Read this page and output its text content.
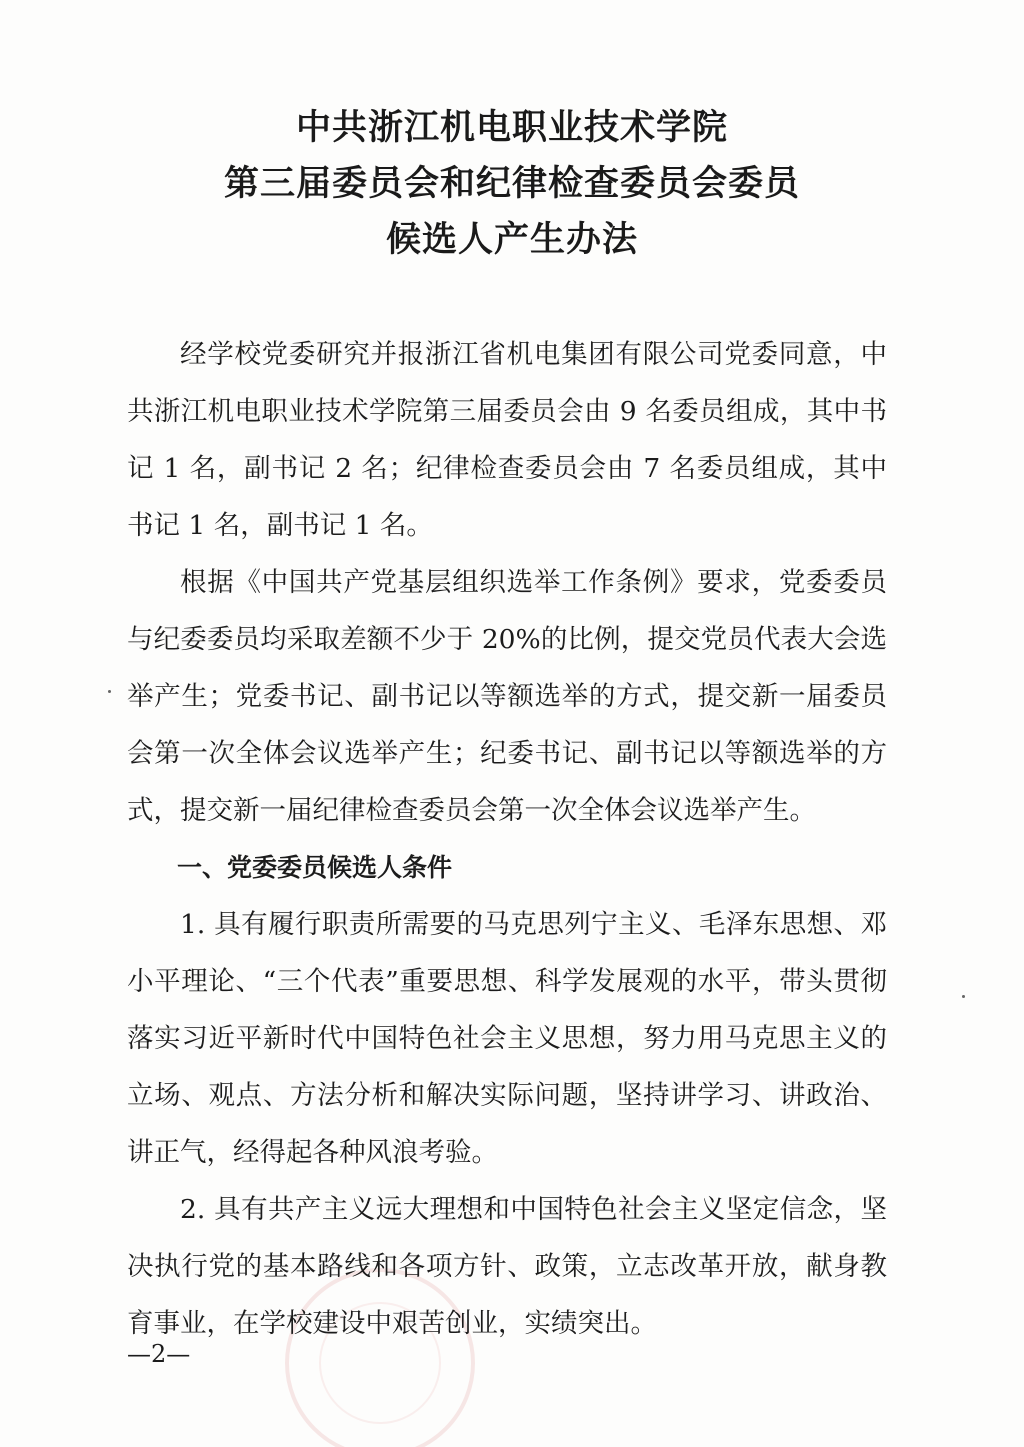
中共浙江机电职业技术学院
第三届委员会和纪律检查委员会委员
候选人产生办法

经学校党委研究并报浙江省机电集团有限公司党委同意，中共浙江机电职业技术学院第三届委员会由 9 名委员组成，其中书记 1 名，副书记 2 名；纪律检查委员会由 7 名委员组成，其中书记 1 名，副书记 1 名。

根据《中国共产党基层组织选举工作条例》要求，党委委员与纪委委员均采取差额不少于 20%的比例，提交党员代表大会选举产生；党委书记、副书记以等额选举的方式，提交新一届委员会第一次全体会议选举产生；纪委书记、副书记以等额选举的方式，提交新一届纪律检查委员会第一次全体会议选举产生。

一、党委委员候选人条件

1. 具有履行职责所需要的马克思列宁主义、毛泽东思想、邓小平理论、“三个代表”重要思想、科学发展观的水平，带头贯彻落实习近平新时代中国特色社会主义思想，努力用马克思主义的立场、观点、方法分析和解决实际问题，坚持讲学习、讲政治、讲正气，经得起各种风浪考验。

2. 具有共产主义远大理想和中国特色社会主义坚定信念，坚决执行党的基本路线和各项方针、政策，立志改革开放，献身教育事业，在学校建设中艰苦创业，实绩突出。

—2—
